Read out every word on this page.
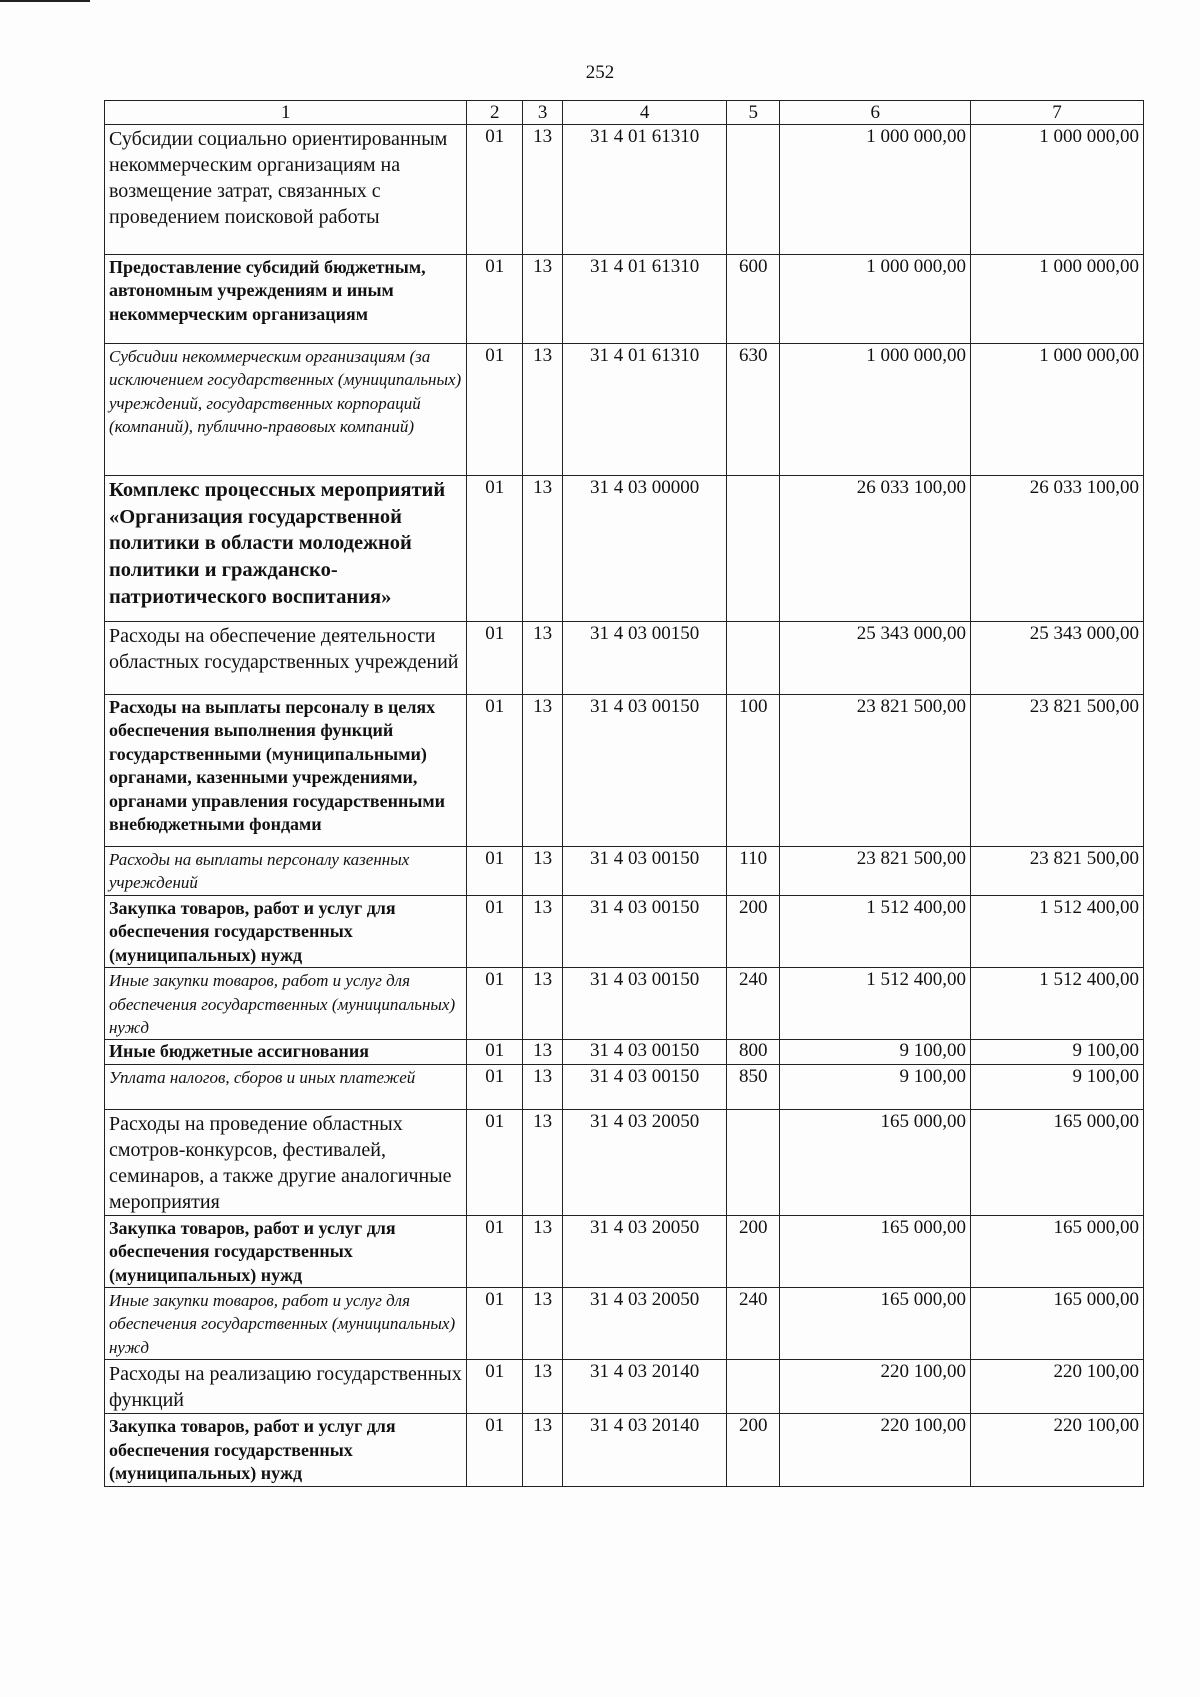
252
1	2	3	4	5	6	7
Субсидии социально ориентированным некоммерческим организациям на возмещение затрат, связанных с проведением поисковой работы	01	13	31 4 01 61310		1 000 000,00	1 000 000,00
Предоставление субсидий бюджетным, автономным учреждениям и иным некоммерческим организациям	01	13	31 4 01 61310	600	1 000 000,00	1 000 000,00
Субсидии некоммерческим организациям (за исключением государственных (муниципальных) учреждений, государственных корпораций (компаний), публично-правовых компаний)	01	13	31 4 01 61310	630	1 000 000,00	1 000 000,00
Комплекс процессных мероприятий «Организация государственной политики в области молодежной политики и гражданско-патриотического воспитания»	01	13	31 4 03 00000		26 033 100,00	26 033 100,00
Расходы на обеспечение деятельности областных государственных учреждений	01	13	31 4 03 00150		25 343 000,00	25 343 000,00
Расходы на выплаты персоналу в целях обеспечения выполнения функций государственными (муниципальными) органами, казенными учреждениями, органами управления государственными внебюджетными фондами	01	13	31 4 03 00150	100	23 821 500,00	23 821 500,00
Расходы на выплаты персоналу казенных учреждений	01	13	31 4 03 00150	110	23 821 500,00	23 821 500,00
Закупка товаров, работ и услуг для обеспечения государственных (муниципальных) нужд	01	13	31 4 03 00150	200	1 512 400,00	1 512 400,00
Иные закупки товаров, работ и услуг для обеспечения государственных (муниципальных) нужд	01	13	31 4 03 00150	240	1 512 400,00	1 512 400,00
Иные бюджетные ассигнования	01	13	31 4 03 00150	800	9 100,00	9 100,00
Уплата налогов, сборов и иных платежей	01	13	31 4 03 00150	850	9 100,00	9 100,00
Расходы на проведение областных смотров-конкурсов, фестивалей, семинаров, а также другие аналогичные мероприятия	01	13	31 4 03 20050		165 000,00	165 000,00
Закупка товаров, работ и услуг для обеспечения государственных (муниципальных) нужд	01	13	31 4 03 20050	200	165 000,00	165 000,00
Иные закупки товаров, работ и услуг для обеспечения государственных (муниципальных) нужд	01	13	31 4 03 20050	240	165 000,00	165 000,00
Расходы на реализацию государственных функций	01	13	31 4 03 20140		220 100,00	220 100,00
Закупка товаров, работ и услуг для обеспечения государственных (муниципальных) нужд	01	13	31 4 03 20140	200	220 100,00	220 100,00
